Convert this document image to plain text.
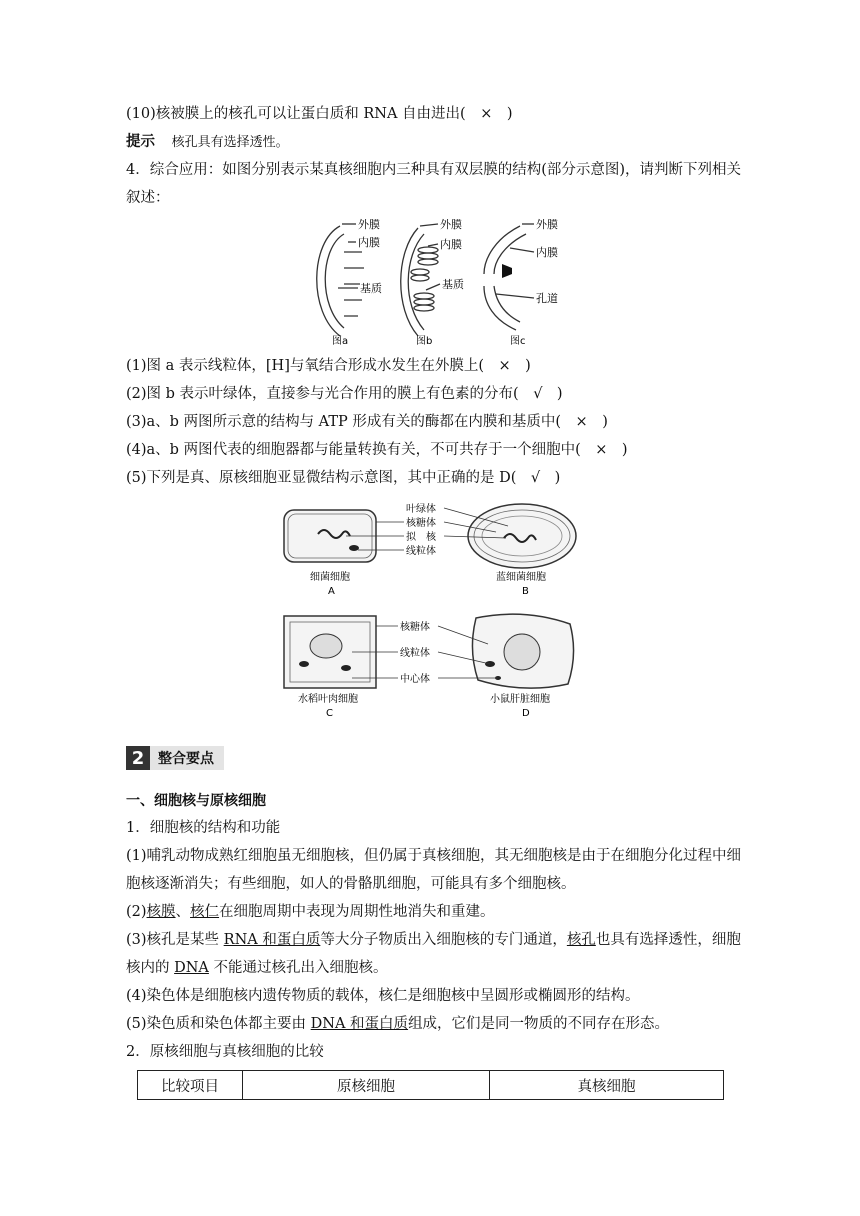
(10)核被膜上的核孔可以让蛋白质和 RNA 自由进出(　×　)
提示 核孔具有选择透性。
4．综合应用：如图分别表示某真核细胞内三种具有双层膜的结构(部分示意图)，请判断下列相关
叙述：
外膜
内膜
基质
图a
外膜
内膜
基质
图b
外膜
内膜
孔道
图c
(1)图 a 表示线粒体，[H]与氧结合形成水发生在外膜上(　×　)
(2)图 b 表示叶绿体，直接参与光合作用的膜上有色素的分布(　√　)
(3)a、b 两图所示意的结构与 ATP 形成有关的酶都在内膜和基质中(　×　)
(4)a、b 两图代表的细胞器都与能量转换有关，不可共存于一个细胞中(　×　)
(5)下列是真、原核细胞亚显微结构示意图，其中正确的是 D(　√　)
细菌细胞
A
蓝细菌细胞
B
叶绿体
核糖体
拟　核
线粒体
水稻叶肉细胞
C
小鼠肝脏细胞
D
核糖体
线粒体
中心体
2 整合要点
一、细胞核与原核细胞
1．细胞核的结构和功能
(1)哺乳动物成熟红细胞虽无细胞核，但仍属于真核细胞，其无细胞核是由于在细胞分化过程中细
胞核逐渐消失；有些细胞，如人的骨骼肌细胞，可能具有多个细胞核。
(2)核膜、核仁在细胞周期中表现为周期性地消失和重建。
(3)核孔是某些 RNA 和蛋白质等大分子物质出入细胞核的专门通道，核孔也具有选择透性，细胞
核内的 DNA 不能通过核孔出入细胞核。
(4)染色体是细胞核内遗传物质的载体，核仁是细胞核中呈圆形或椭圆形的结构。
(5)染色质和染色体都主要由 DNA 和蛋白质组成，它们是同一物质的不同存在形态。
2．原核细胞与真核细胞的比较
比较项目	原核细胞	真核细胞
